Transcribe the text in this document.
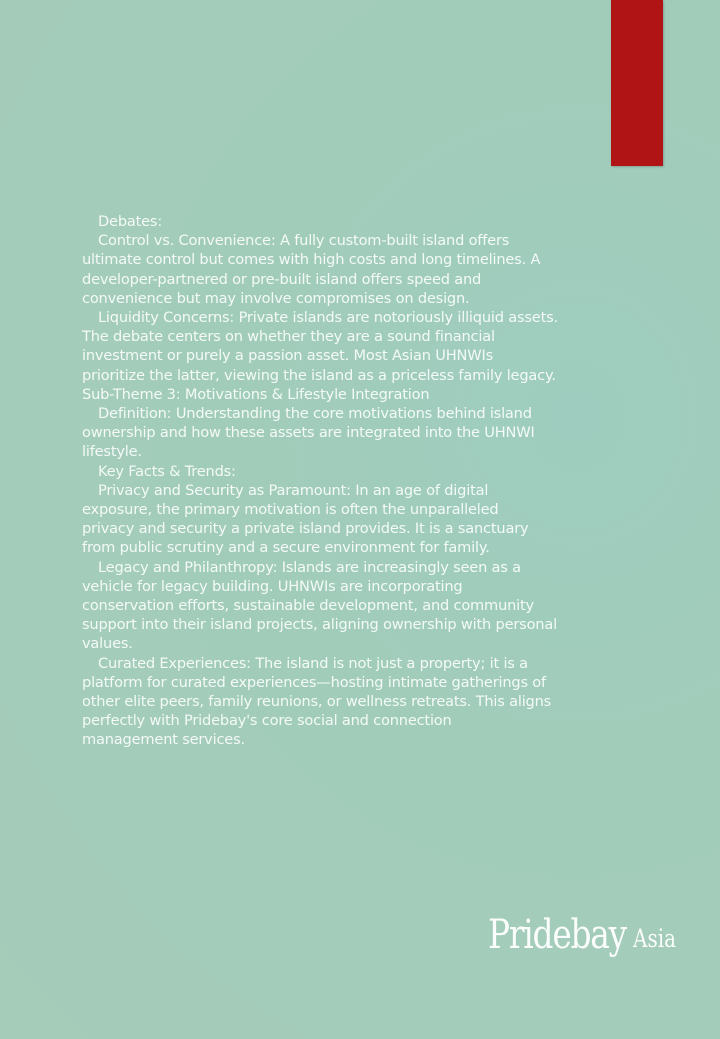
Debates:
Control vs. Convenience: A fully custom-built island offers
ultimate control but comes with high costs and long timelines. A
developer-partnered or pre-built island offers speed and
convenience but may involve compromises on design.
Liquidity Concerns: Private islands are notoriously illiquid assets.
The debate centers on whether they are a sound financial
investment or purely a passion asset. Most Asian UHNWIs
prioritize the latter, viewing the island as a priceless family legacy.
Sub-Theme 3: Motivations & Lifestyle Integration
Definition: Understanding the core motivations behind island
ownership and how these assets are integrated into the UHNWI
lifestyle.
Key Facts & Trends:
Privacy and Security as Paramount: In an age of digital
exposure, the primary motivation is often the unparalleled
privacy and security a private island provides. It is a sanctuary
from public scrutiny and a secure environment for family.
Legacy and Philanthropy: Islands are increasingly seen as a
vehicle for legacy building. UHNWIs are incorporating
conservation efforts, sustainable development, and community
support into their island projects, aligning ownership with personal
values.
Curated Experiences: The island is not just a property; it is a
platform for curated experiences—hosting intimate gatherings of
other elite peers, family reunions, or wellness retreats. This aligns
perfectly with Pridebay's core social and connection
management services.
Pridebay Asia
